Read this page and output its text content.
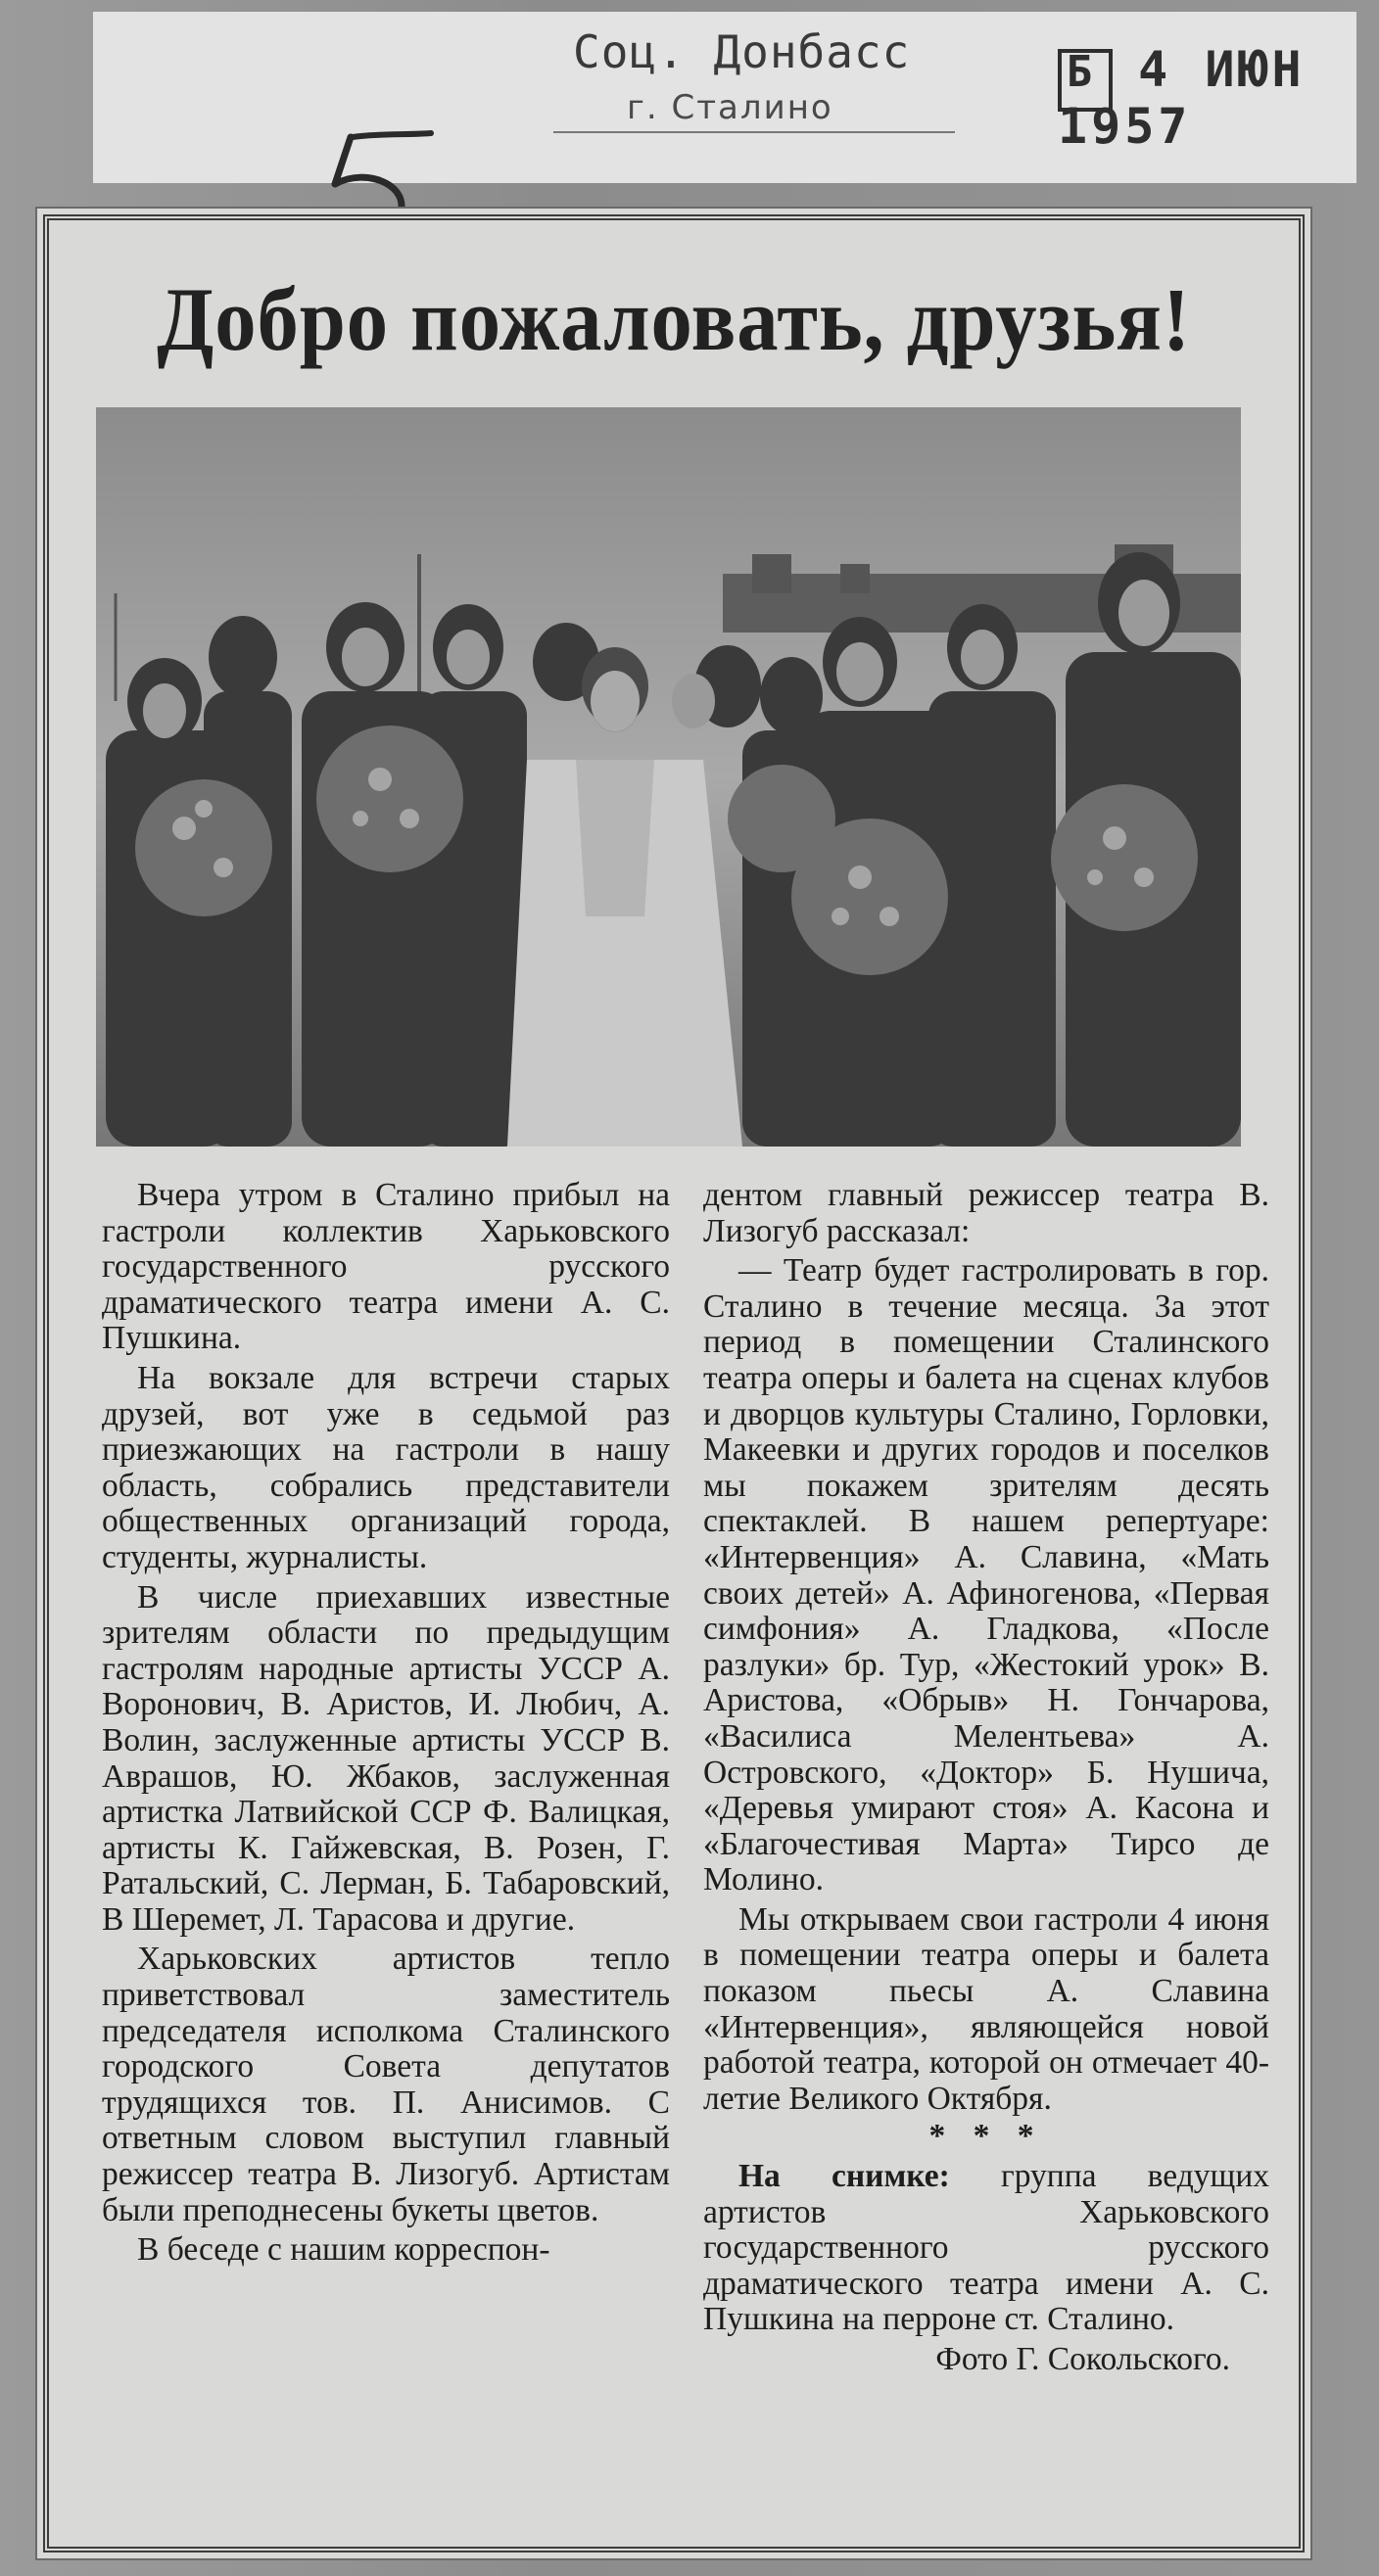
Соц. Донбасс
г. Сталино
Б 4 ИЮН 1957
Добро пожаловать, друзья!

Вчера утром в Сталино прибыл на гастроли коллектив Харьковского государственного русского драматического театра имени А. С. Пушкина.

На вокзале для встречи старых друзей, вот уже в седьмой раз приезжающих на гастроли в нашу область, собрались представители общественных организаций города, студенты, журналисты.

В числе приехавших известные зрителям области по предыдущим гастролям народные артисты УССР А. Воронович, В. Аристов, И. Любич, А. Волин, заслуженные артисты УССР В. Аврашов, Ю. Жбаков, заслуженная артистка Латвийской ССР Ф. Валицкая, артисты К. Гайжевская, В. Розен, Г. Ратальский, С. Лерман, Б. Табаровский, В Шеремет, Л. Тарасова и другие.

Харьковских артистов тепло приветствовал заместитель председателя исполкома Сталинского городского Совета депутатов трудящихся тов. П. Анисимов. С ответным словом выступил главный режиссер театра В. Лизогуб. Артистам были преподнесены букеты цветов.

В беседе с нашим корреспон-

дентом главный режиссер театра В. Лизогуб рассказал:

— Театр будет гастролировать в гор. Сталино в течение месяца. За этот период в помещении Сталинского театра оперы и балета на сценах клубов и дворцов культуры Сталино, Горловки, Макеевки и других городов и поселков мы покажем зрителям десять спектаклей. В нашем репертуаре: «Интервенция» А. Славина, «Мать своих детей» А. Афиногенова, «Первая симфония» А. Гладкова, «После разлуки» бр. Тур, «Жестокий урок» В. Аристова, «Обрыв» Н. Гончарова, «Василиса Мелентьева» А. Островского, «Доктор» Б. Нушича, «Деревья умирают стоя» А. Касона и «Благочестивая Марта» Тирсо де Молино.

Мы открываем свои гастроли 4 июня в помещении театра оперы и балета показом пьесы А. Славина «Интервенция», являющейся новой работой театра, которой он отмечает 40-летие Великого Октября.

* * *

На снимке: группа ведущих артистов Харьковского государственного русского драматического театра имени А. С. Пушкина на перроне ст. Сталино.

Фото Г. Сокольского.
